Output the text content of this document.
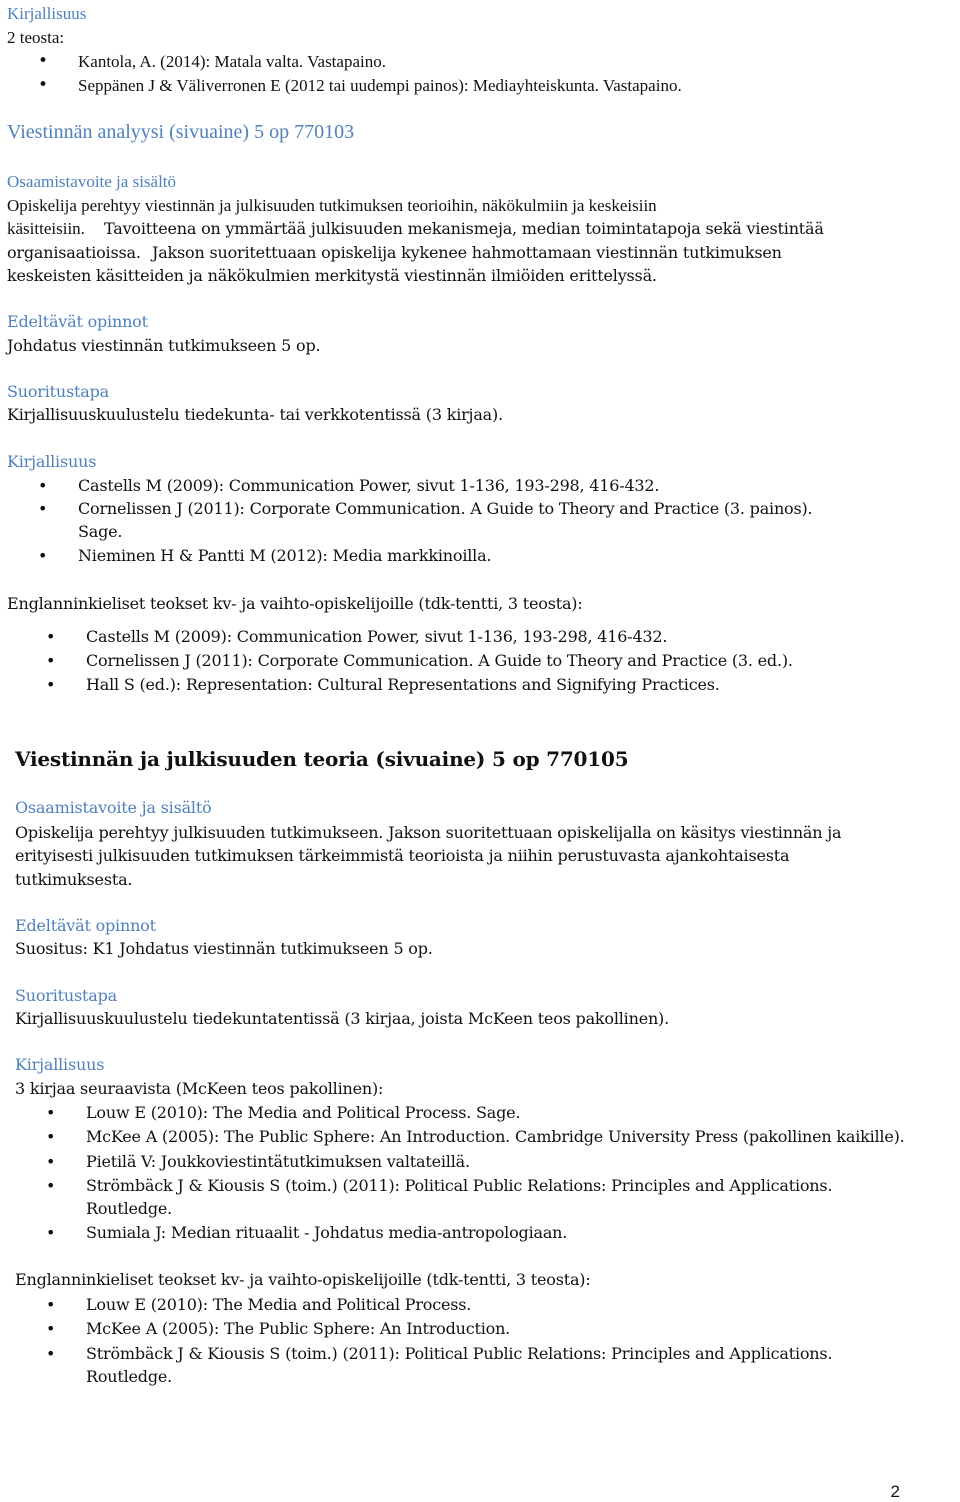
Kirjallisuus

2 teosta:

• Kantola, A. (2014): Matala valta. Vastapaino.

• Seppänen J & Väliverronen E (2012 tai uudempi painos): Mediayhteiskunta. Vastapaino.

Viestinnän analyysi (sivuaine) 5 op 770103

Osaamistavoite ja sisältö

Opiskelija perehtyy viestinnän ja julkisuuden tutkimuksen teorioihin, näkökulmiin ja keskeisiin

käsitteisiin. Tavoitteena on ymmärtää julkisuuden mekanismeja, median toimintatapoja sekä viestintää

organisaatioissa. Jakson suoritettuaan opiskelija kykenee hahmottamaan viestinnän tutkimuksen

keskeisten käsitteiden ja näkökulmien merkitystä viestinnän ilmiöiden erittelyssä.

Edeltävät opinnot

Johdatus viestinnän tutkimukseen 5 op.

Suoritustapa

Kirjallisuuskuulustelu tiedekunta- tai verkkotentissä (3 kirjaa).

Kirjallisuus

• Castells M (2009): Communication Power, sivut 1-136, 193-298, 416-432.

• Cornelissen J (2011): Corporate Communication. A Guide to Theory and Practice (3. painos).

Sage.

• Nieminen H & Pantti M (2012): Media markkinoilla.

Englanninkieliset teokset kv- ja vaihto-opiskelijoille (tdk-tentti, 3 teosta):

• Castells M (2009): Communication Power, sivut 1-136, 193-298, 416-432.

• Cornelissen J (2011): Corporate Communication. A Guide to Theory and Practice (3. ed.).

• Hall S (ed.): Representation: Cultural Representations and Signifying Practices.

Viestinnän ja julkisuuden teoria (sivuaine) 5 op 770105

Osaamistavoite ja sisältö

Opiskelija perehtyy julkisuuden tutkimukseen. Jakson suoritettuaan opiskelijalla on käsitys viestinnän ja

erityisesti julkisuuden tutkimuksen tärkeimmistä teorioista ja niihin perustuvasta ajankohtaisesta

tutkimuksesta.

Edeltävät opinnot

Suositus: K1 Johdatus viestinnän tutkimukseen 5 op.

Suoritustapa

Kirjallisuuskuulustelu tiedekuntatentissä (3 kirjaa, joista McKeen teos pakollinen).

Kirjallisuus

3 kirjaa seuraavista (McKeen teos pakollinen):

• Louw E (2010): The Media and Political Process. Sage.

• McKee A (2005): The Public Sphere: An Introduction. Cambridge University Press (pakollinen kaikille).

• Pietilä V: Joukkoviestintätutkimuksen valtateillä.

• Strömbäck J & Kiousis S (toim.) (2011): Political Public Relations: Principles and Applications.

Routledge.

• Sumiala J: Median rituaalit - Johdatus media-antropologiaan.

Englanninkieliset teokset kv- ja vaihto-opiskelijoille (tdk-tentti, 3 teosta):

• Louw E (2010): The Media and Political Process.

• McKee A (2005): The Public Sphere: An Introduction.

• Strömbäck J & Kiousis S (toim.) (2011): Political Public Relations: Principles and Applications.

Routledge.

2
